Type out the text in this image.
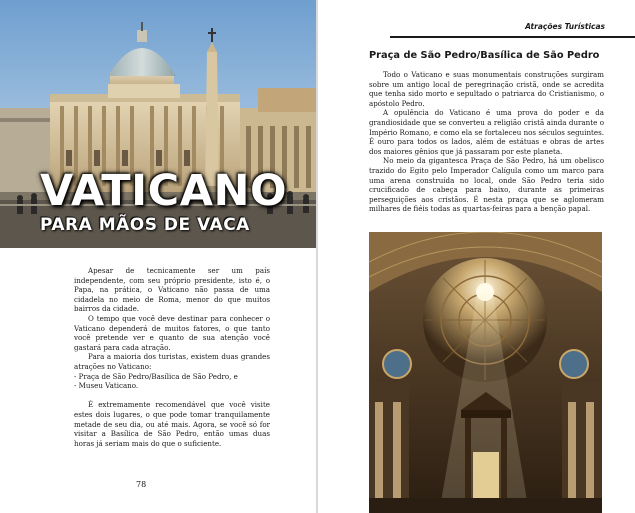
VATICANO
PARA MÃOS DE VACA

Apesar de tecnicamente ser um país independente, com seu próprio presidente, isto é, o Papa, na prática, o Vaticano não passa de uma cidadela no meio de Roma, menor do que muitos bairros da cidade.

O tempo que você deve destinar para conhecer o Vaticano dependerá de muitos fatores, o que tanto você pretende ver e quanto de sua atenção você gastará para cada atração.

Para a maioria dos turistas, existem duas grandes atrações no Vaticano:

- Praça de São Pedro/Basílica de São Pedro, e
- Museu Vaticano.

É extremamente recomendável que você visite estes dois lugares, o que pode tomar tranquilamente metade de seu dia, ou até mais. Agora, se você só for visitar a Basílica de São Pedro, então umas duas horas já seriam mais do que o suficiente.

78

Atrações Turísticas

Praça de São Pedro/Basílica de São Pedro

Todo o Vaticano e suas monumentais construções surgiram sobre um antigo local de peregrinação cristã, onde se acredita que tenha sido morto e sepultado o patriarca do Cristianismo, o apóstolo Pedro.

A opulência do Vaticano é uma prova do poder e da grandiosidade que se converteu a religião cristã ainda durante o Império Romano, e como ela se fortaleceu nos séculos seguintes. É ouro para todos os lados, além de estátuas e obras de artes dos maiores gênios que já passaram por este planeta.

No meio da gigantesca Praça de São Pedro, há um obelisco trazido do Egito pelo Imperador Calígula como um marco para uma arena construída no local, onde São Pedro teria sido crucificado de cabeça para baixo, durante as primeiras perseguições aos cristãos. É nesta praça que se aglomeram milhares de fiéis todas as quartas-feiras para a benção papal.
